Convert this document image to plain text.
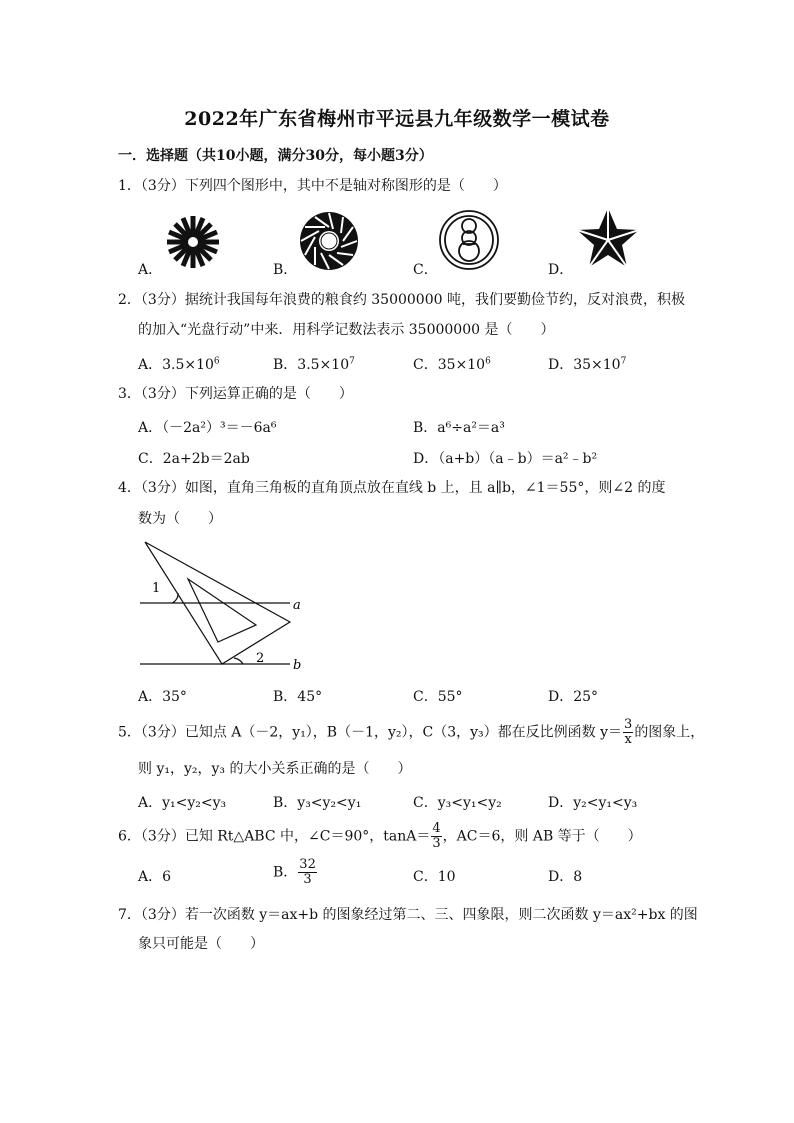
2022年广东省梅州市平远县九年级数学一模试卷
一．选择题（共10小题，满分30分，每小题3分）
1．（3分）下列四个图形中，其中不是轴对称图形的是（　　）
A．	B．	C．	D．
2．（3分）据统计我国每年浪费的粮食约 35000000 吨，我们要勤俭节约，反对浪费，积极
的加入“光盘行动”中来．用科学记数法表示 35000000 是（　　）
A．$3.5\times 10^6$	B．$3.5\times 10^7$	C．$35\times 10^6$	D．$35\times 10^7$
3．（3分）下列运算正确的是（　　）
A．（－2a²）³＝－6a⁶	B．a⁶÷a²＝a³
C．2a+2b＝2ab	D．（a+b）（a﹣b）＝a²﹣b²
4．（3分）如图，直角三角板的直角顶点放在直线 b 上，且 a∥b，∠1＝55°，则∠2 的度
数为（　　）
1
2
a
b
A．35°	B．45°	C．55°	D．25°
5．（3分）已知点 A（－2，y₁），B（－1，y₂），C（3，y₃）都在反比例函数 $y= \frac{3}{x}$ 的图象上，
则 y₁，y₂，y₃ 的大小关系正确的是（　　）
A．y₁<y₂<y₃	B．y₃<y₂<y₁	C．y₃<y₁<y₂	D．y₂<y₁<y₃
6．（3分）已知 Rt△ABC 中，∠C＝90°，$\tan A= \frac{4}{3}$ ，AC＝6，则 AB 等于（　　）
A．6	B． $\frac{32}{3}$	C．10	D．8
7．（3分）若一次函数 y＝ax+b 的图象经过第二、三、四象限，则二次函数 y＝ax²+bx 的图
象只可能是（　　）
